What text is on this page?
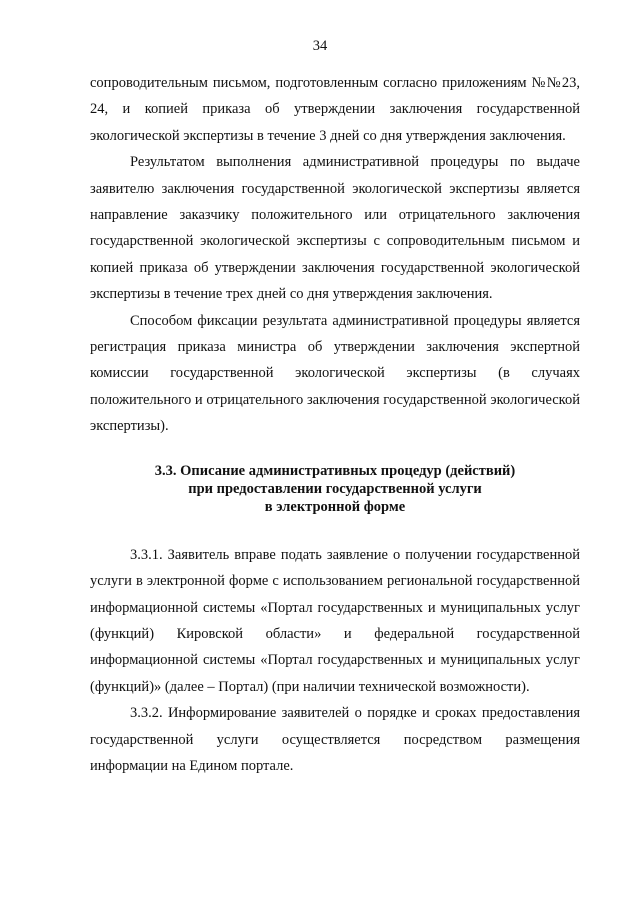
34

сопроводительным письмом, подготовленным согласно приложениям №№23, 24, и копией приказа об утверждении заключения государственной экологической экспертизы в течение 3 дней со дня утверждения заключения.

Результатом выполнения административной процедуры по выдаче заявителю заключения государственной экологической экспертизы является направление заказчику положительного или отрицательного заключения государственной экологической экспертизы с сопроводительным письмом и копией приказа об утверждении заключения государственной экологической экспертизы в течение трех дней со дня утверждения заключения.

Способом фиксации результата административной процедуры является регистрация приказа министра об утверждении заключения экспертной комиссии государственной экологической экспертизы (в случаях положительного и отрицательного заключения государственной экологической экспертизы).

3.3. Описание административных процедур (действий)
при предоставлении государственной услуги
в электронной форме

3.3.1. Заявитель вправе подать заявление о получении государственной услуги в электронной форме с использованием региональной государственной информационной системы «Портал государственных и муниципальных услуг (функций) Кировской области» и федеральной государственной информационной системы «Портал государственных и муниципальных услуг (функций)» (далее – Портал) (при наличии технической возможности).

3.3.2. Информирование заявителей о порядке и сроках предоставления государственной услуги осуществляется посредством размещения информации на Едином портале.
